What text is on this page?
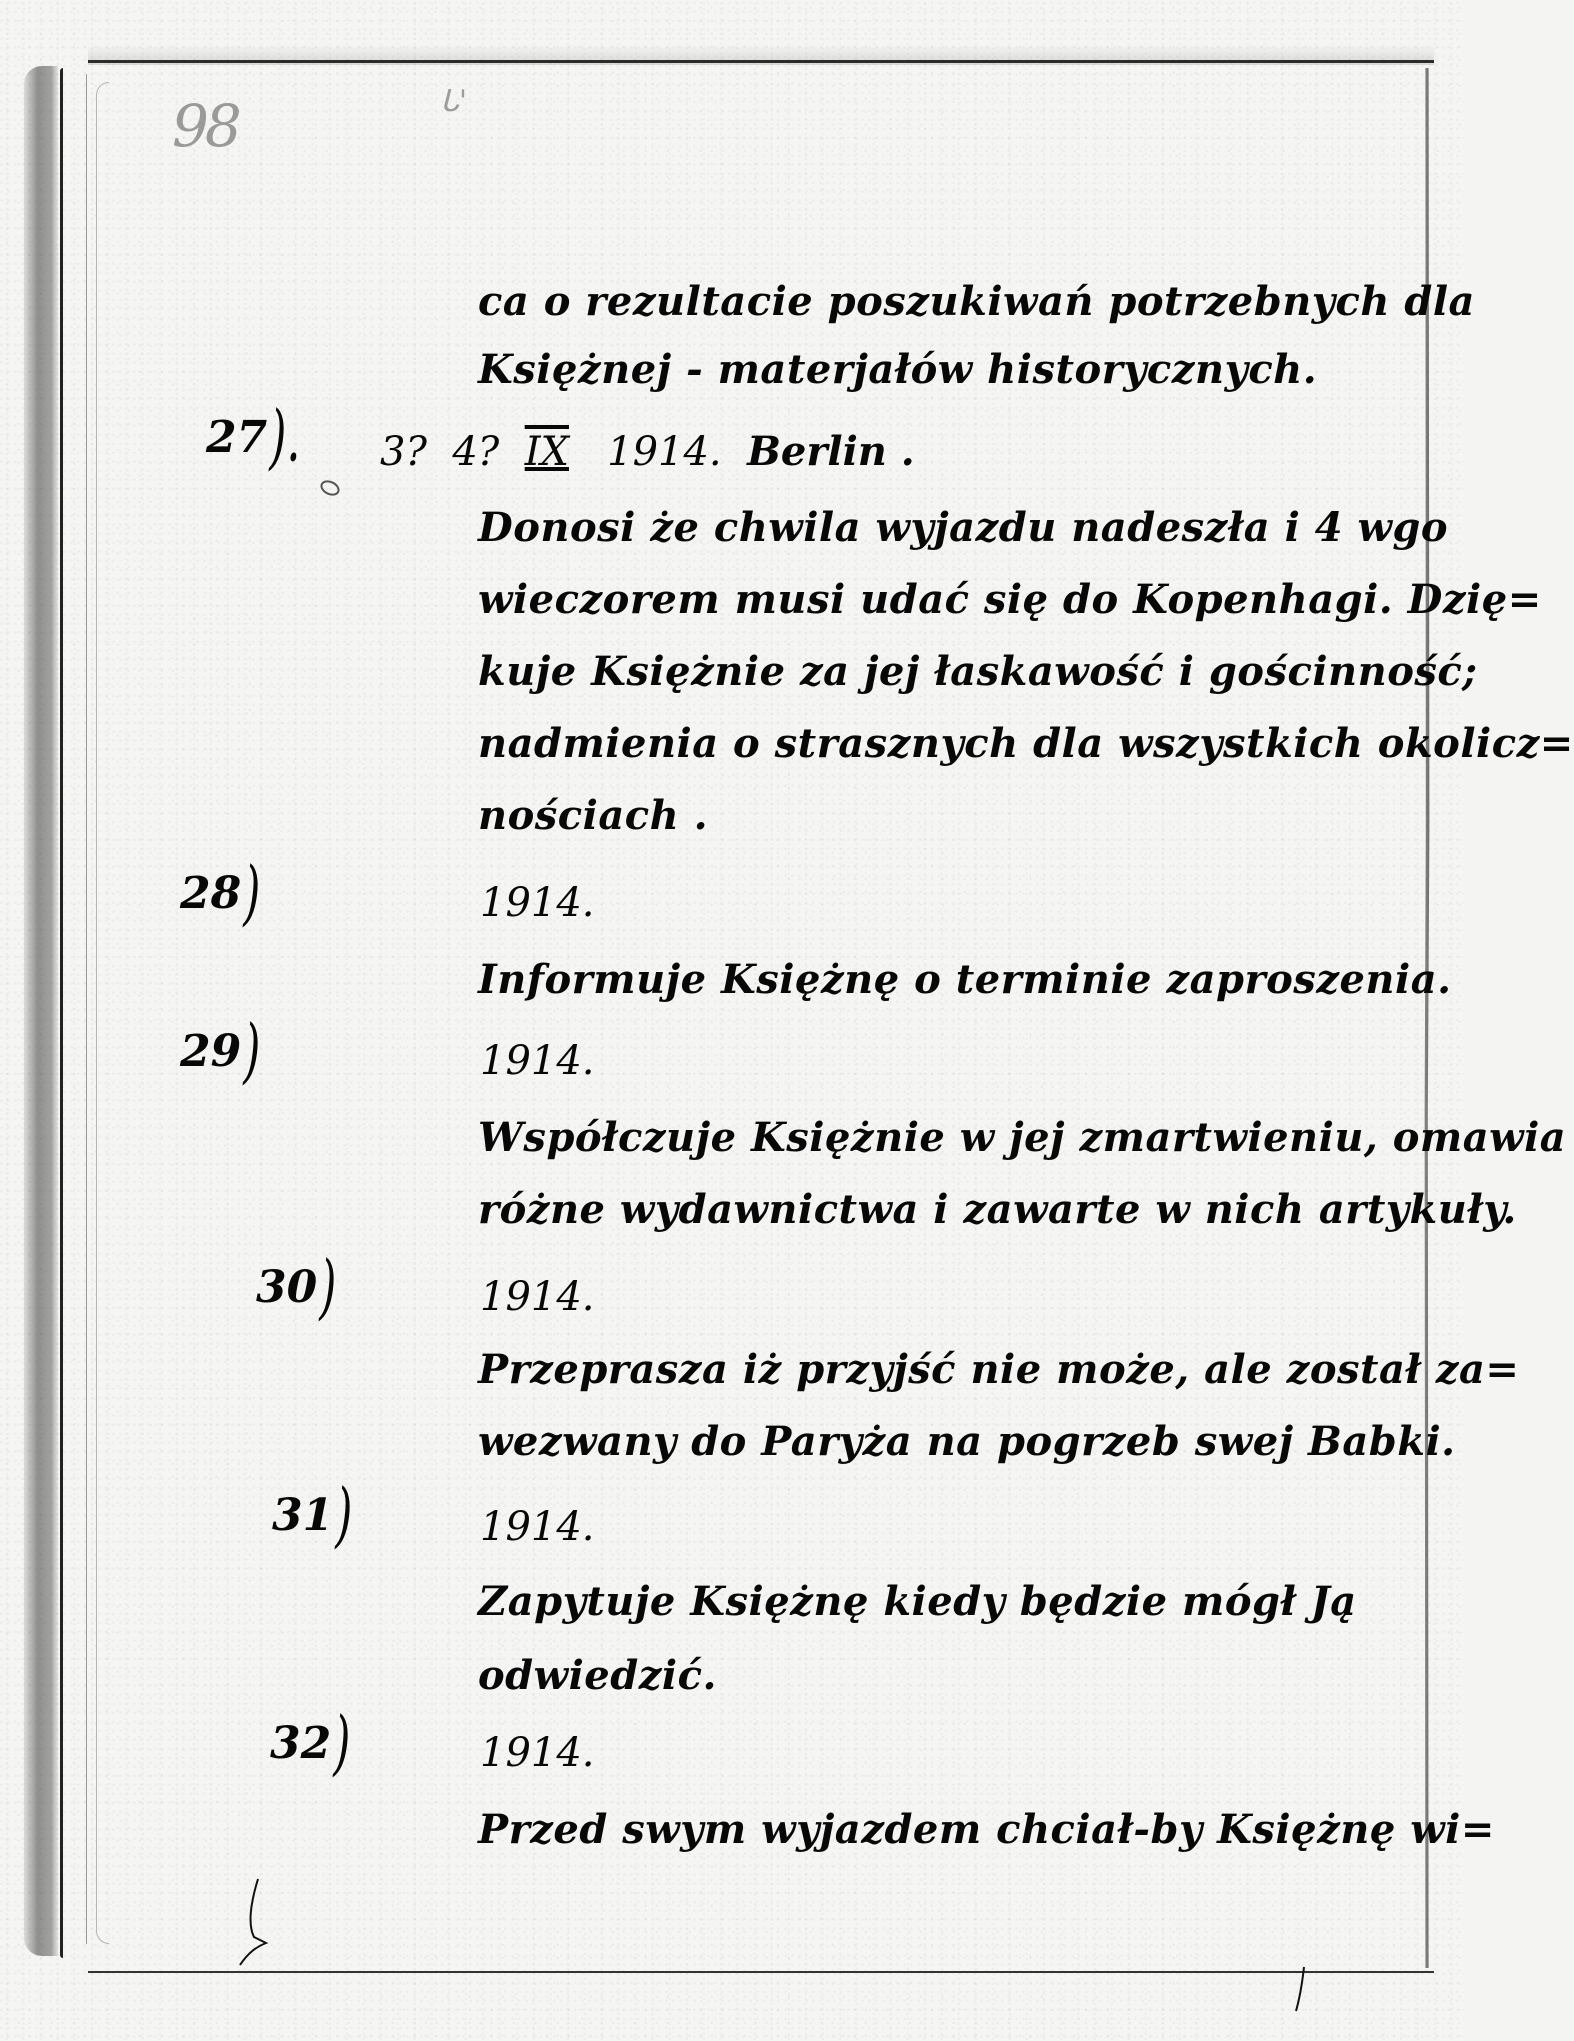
98	ᒐ'
ca o rezultacie poszukiwań potrzebnych dla
Księżnej - materjałów historycznych.
27). 3? 4? IX 1914. Berlin .
Donosi że chwila wyjazdu nadeszła i 4 wgo
wieczorem musi udać się do Kopenhagi. Dzię=
kuje Księżnie za jej łaskawość i gościnność;
nadmienia o strasznych dla wszystkich okolicz=
nościach .
28)	1914.
Informuje Księżnę o terminie zaproszenia.
29)	1914.
Współczuje Księżnie w jej zmartwieniu, omawia
różne wydawnictwa i zawarte w nich artykuły.
30)	1914.
Przeprasza iż przyjść nie może, ale został za=
wezwany do Paryża na pogrzeb swej Babki.
31)	1914.
Zapytuje Księżnę kiedy będzie mógł Ją
odwiedzić.
32)	1914.
Przed swym wyjazdem chciał-by Księżnę wi=
